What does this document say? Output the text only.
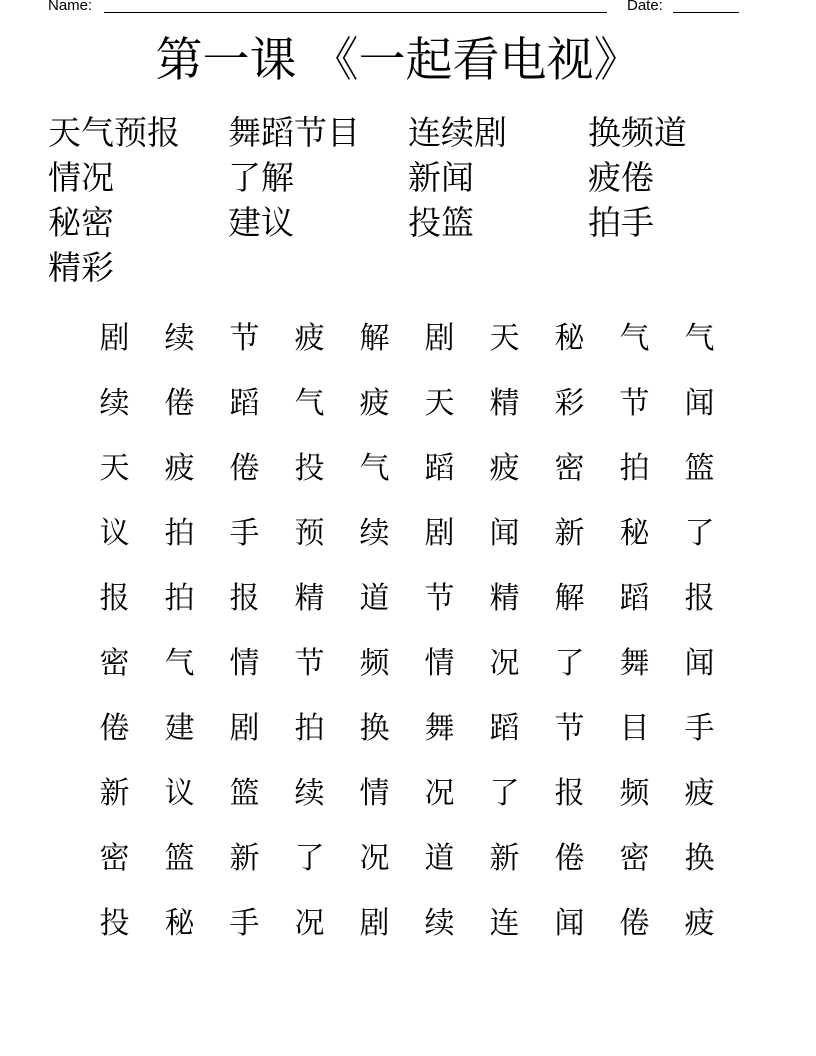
Name:	Date:
第一课 《一起看电视》
天气预报	舞蹈节目	连续剧	换频道
情况	了解	新闻	疲倦
秘密	建议	投篮	拍手
精彩
剧	续	节	疲	解	剧	天	秘	气	气
续	倦	蹈	气	疲	天	精	彩	节	闻
天	疲	倦	投	气	蹈	疲	密	拍	篮
议	拍	手	预	续	剧	闻	新	秘	了
报	拍	报	精	道	节	精	解	蹈	报
密	气	情	节	频	情	况	了	舞	闻
倦	建	剧	拍	换	舞	蹈	节	目	手
新	议	篮	续	情	况	了	报	频	疲
密	篮	新	了	况	道	新	倦	密	换
投	秘	手	况	剧	续	连	闻	倦	疲
